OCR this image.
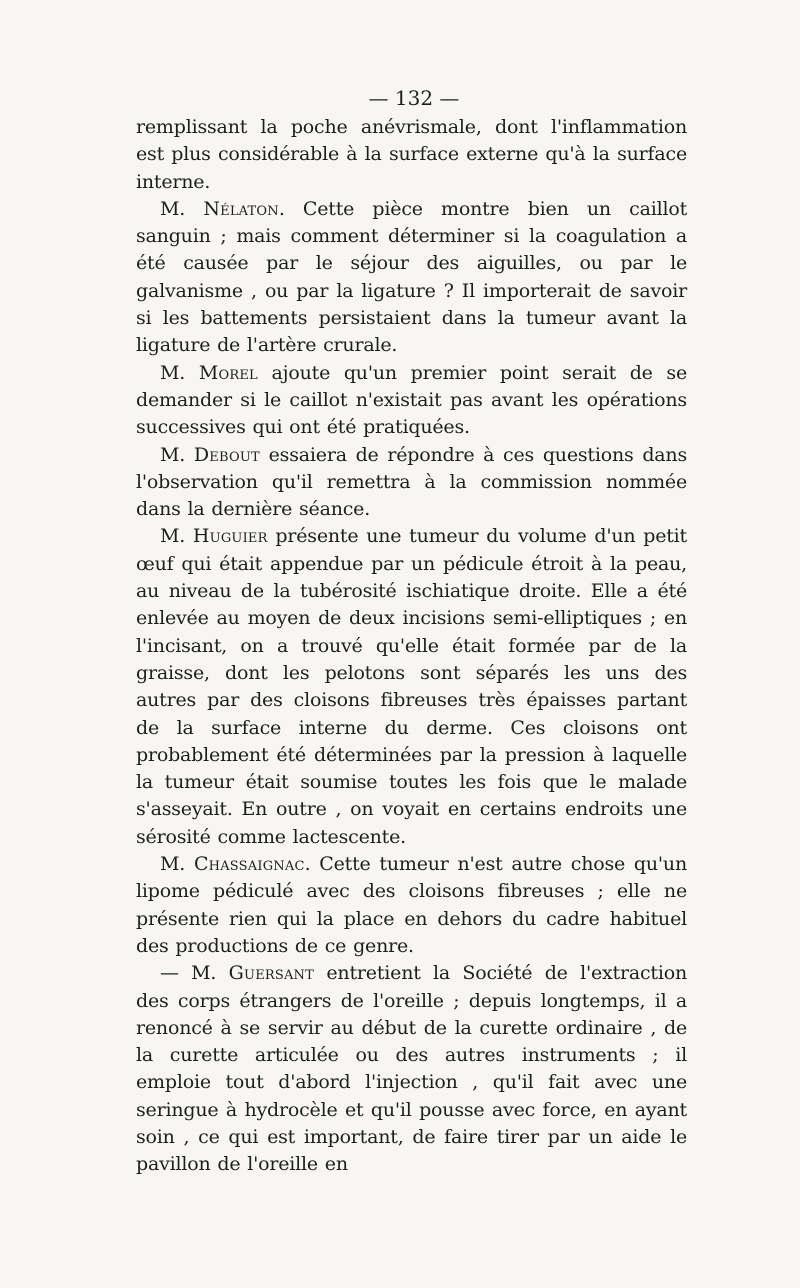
— 132 —

remplissant la poche anévrismale, dont l'inflammation est plus considérable à la surface externe qu'à la surface interne.

M. Nélaton. Cette pièce montre bien un caillot sanguin ; mais comment déterminer si la coagulation a été causée par le séjour des aiguilles, ou par le galvanisme , ou par la ligature ? Il importerait de savoir si les battements persistaient dans la tumeur avant la ligature de l'artère crurale.

M. Morel ajoute qu'un premier point serait de se demander si le caillot n'existait pas avant les opérations successives qui ont été pratiquées.

M. Debout essaiera de répondre à ces questions dans l'observation qu'il remettra à la commission nommée dans la dernière séance.

M. Huguier présente une tumeur du volume d'un petit œuf qui était appendue par un pédicule étroit à la peau, au niveau de la tubérosité ischiatique droite. Elle a été enlevée au moyen de deux incisions semi-elliptiques ; en l'incisant, on a trouvé qu'elle était formée par de la graisse, dont les pelotons sont séparés les uns des autres par des cloisons fibreuses très épaisses partant de la surface interne du derme. Ces cloisons ont probablement été déterminées par la pression à laquelle la tumeur était soumise toutes les fois que le malade s'asseyait. En outre , on voyait en certains endroits une sérosité comme lactescente.

M. Chassaignac. Cette tumeur n'est autre chose qu'un lipome pédiculé avec des cloisons fibreuses ; elle ne présente rien qui la place en dehors du cadre habituel des productions de ce genre.

— M. Guersant entretient la Société de l'extraction des corps étrangers de l'oreille ; depuis longtemps, il a renoncé à se servir au début de la curette ordinaire , de la curette articulée ou des autres instruments ; il emploie tout d'abord l'injection , qu'il fait avec une seringue à hydrocèle et qu'il pousse avec force, en ayant soin , ce qui est important, de faire tirer par un aide le pavillon de l'oreille en
